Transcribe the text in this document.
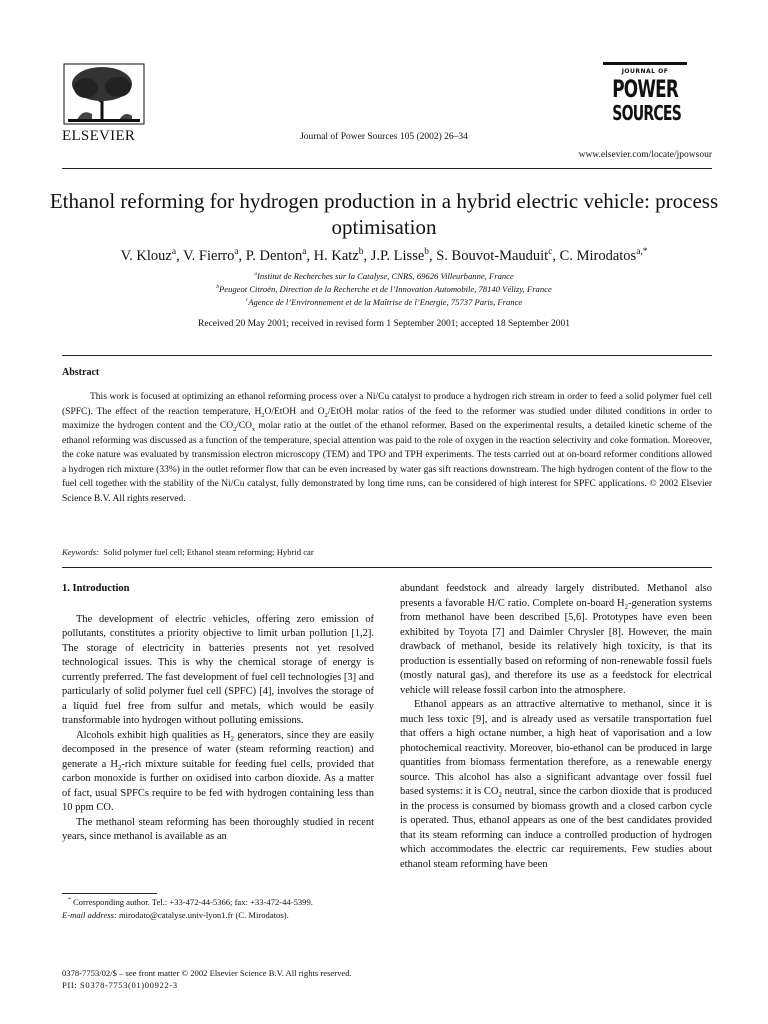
ELSEVIER	Journal of Power Sources 105 (2002) 26–34
JOURNAL OF
POWER
SOURCES
www.elsevier.com/locate/jpowsour
Ethanol reforming for hydrogen production in a hybrid electric vehicle: process optimisation
V. Klouz$^a$, V. Fierro$^a$, P. Denton$^a$, H. Katz$^b$, J.P. Lisse$^b$, S. Bouvot-Mauduit$^c$, C. Mirodatos$^{a,*}$
$^a$Institut de Recherches sur la Catalyse, CNRS, 69626 Villeurbanne, France
$^b$Peugeot Citroën, Direction de la Recherche et de l’Innovation Automobile, 78140 Vélizy, France
$^c$Agence de l’Environnement et de la Maîtrise de l’Energie, 75737 Paris, France
Received 20 May 2001; received in revised form 1 September 2001; accepted 18 September 2001
Abstract
This work is focused at optimizing an ethanol reforming process over a Ni/Cu catalyst to produce a hydrogen rich stream in order to feed a solid polymer fuel cell (SPFC). The effect of the reaction temperature, $H_2O$/EtOH and $O_2$/EtOH molar ratios of the feed to the reformer was studied under diluted conditions in order to maximize the hydrogen content and the $CO_2/CO_x$ molar ratio at the outlet of the ethanol reformer. Based on the experimental results, a detailed kinetic scheme of the ethanol reforming was discussed as a function of the temperature, special attention was paid to the role of oxygen in the reaction selectivity and coke formation. Moreover, the coke nature was evaluated by transmission electron microscopy (TEM) and TPO and TPH experiments. The tests carried out at on-board reformer conditions allowed a hydrogen rich mixture (33%) in the outlet reformer flow that can be even increased by water gas sift reactions downstream. The high hydrogen content of the flow to the fuel cell together with the stability of the Ni/Cu catalyst, fully demonstrated by long time runs, can be considered of high interest for SPFC applications. © 2002 Elsevier Science B.V. All rights reserved.
Keywords: Solid polymer fuel cell; Ethanol steam reforming; Hybrid car

1. Introduction

The development of electric vehicles, offering zero emission of pollutants, constitutes a priority objective to limit urban pollution [1,2]. The storage of electricity in batteries presents not yet resolved technological issues. This is why the chemical storage of energy is currently preferred. The fast development of fuel cell technologies [3] and particularly of solid polymer fuel cell (SPFC) [4], involves the storage of a liquid fuel free from sulfur and metals, which would be easily transformable into hydrogen without polluting emissions.

Alcohols exhibit high qualities as $H_2$ generators, since they are easily decomposed in the presence of water (steam reforming reaction) and generate a $H_2$-rich mixture suitable for feeding fuel cells, provided that carbon monoxide is further on oxidised into carbon dioxide. As a matter of fact, usual SPFCs require to be fed with hydrogen containing less than 10 ppm CO.

The methanol steam reforming has been thoroughly studied in recent years, since methanol is available as an

abundant feedstock and already largely distributed. Methanol also presents a favorable H/C ratio. Complete on-board $H_2$-generation systems from methanol have been described [5,6]. Prototypes have even been exhibited by Toyota [7] and Daimler Chrysler [8]. However, the main drawback of methanol, beside its relatively high toxicity, is that its production is essentially based on reforming of non-renewable fossil fuels (mostly natural gas), and therefore its use as a feedstock for electrical vehicle will release fossil carbon into the atmosphere.

Ethanol appears as an attractive alternative to methanol, since it is much less toxic [9], and is already used as versatile transportation fuel that offers a high octane number, a high heat of vaporisation and a low photochemical reactivity. Moreover, bio-ethanol can be produced in large quantities from biomass fermentation therefore, as a renewable energy source. This alcohol has also a significant advantage over fossil fuel based systems: it is $CO_2$ neutral, since the carbon dioxide that is produced in the process is consumed by biomass growth and a closed carbon cycle is operated. Thus, ethanol appears as one of the best candidates provided that its steam reforming can induce a controlled production of hydrogen which accommodates the electric car requirements. Few studies about ethanol steam reforming have been

* Corresponding author. Tel.: +33-472-44-5366; fax: +33-472-44-5399.
E-mail address: mirodato@catalyse.univ-lyon1.fr (C. Mirodatos).
0378-7753/02/$ – see front matter © 2002 Elsevier Science B.V. All rights reserved.
PII: S0378-7753(01)00922-3
